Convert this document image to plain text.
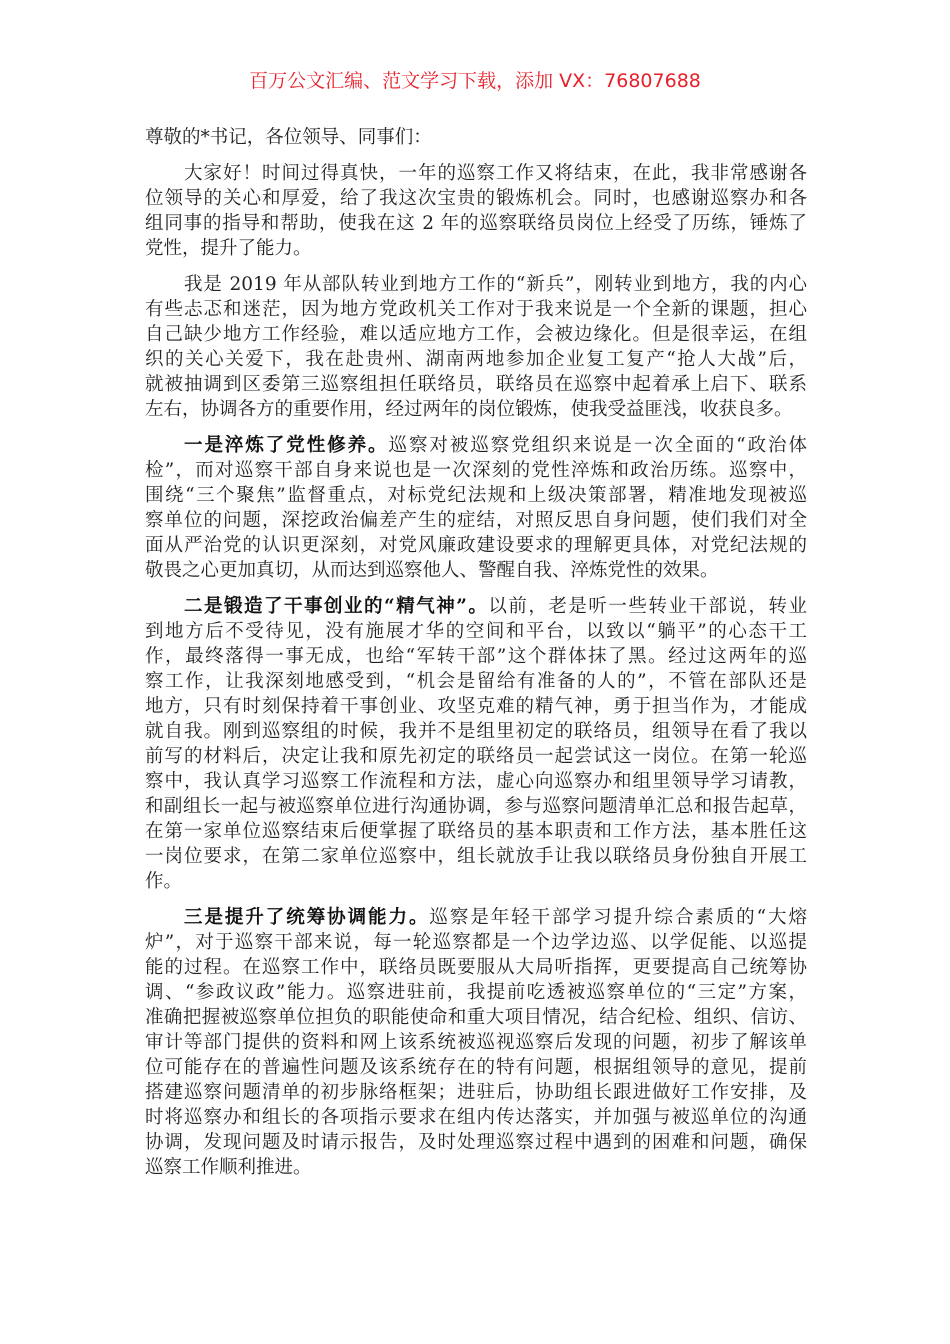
百万公文汇编、范文学习下载，添加 VX：76807688
尊敬的*书记，各位领导、同事们：
大家好！时间过得真快，一年的巡察工作又将结束，在此，我非常感谢各
位领导的关心和厚爱，给了我这次宝贵的锻炼机会。同时，也感谢巡察办和各
组同事的指导和帮助，使我在这 2 年的巡察联络员岗位上经受了历练，锤炼了
党性，提升了能力。
我是 2019 年从部队转业到地方工作的“新兵”，刚转业到地方，我的内心
有些忐忑和迷茫，因为地方党政机关工作对于我来说是一个全新的课题，担心
自己缺少地方工作经验，难以适应地方工作，会被边缘化。但是很幸运，在组
织的关心关爱下，我在赴贵州、湖南两地参加企业复工复产“抢人大战”后，
就被抽调到区委第三巡察组担任联络员，联络员在巡察中起着承上启下、联系
左右，协调各方的重要作用，经过两年的岗位锻炼，使我受益匪浅，收获良多。
一是淬炼了党性修养。巡察对被巡察党组织来说是一次全面的“政治体
检”，而对巡察干部自身来说也是一次深刻的党性淬炼和政治历练。巡察中，
围绕“三个聚焦”监督重点，对标党纪法规和上级决策部署，精准地发现被巡
察单位的问题，深挖政治偏差产生的症结，对照反思自身问题，使们我们对全
面从严治党的认识更深刻，对党风廉政建设要求的理解更具体，对党纪法规的
敬畏之心更加真切，从而达到巡察他人、警醒自我、淬炼党性的效果。
二是锻造了干事创业的“精气神”。以前，老是听一些转业干部说，转业
到地方后不受待见，没有施展才华的空间和平台，以致以“躺平”的心态干工
作，最终落得一事无成，也给“军转干部”这个群体抹了黑。经过这两年的巡
察工作，让我深刻地感受到，“机会是留给有准备的人的”，不管在部队还是
地方，只有时刻保持着干事创业、攻坚克难的精气神，勇于担当作为，才能成
就自我。刚到巡察组的时候，我并不是组里初定的联络员，组领导在看了我以
前写的材料后，决定让我和原先初定的联络员一起尝试这一岗位。在第一轮巡
察中，我认真学习巡察工作流程和方法，虚心向巡察办和组里领导学习请教，
和副组长一起与被巡察单位进行沟通协调，参与巡察问题清单汇总和报告起草，
在第一家单位巡察结束后便掌握了联络员的基本职责和工作方法，基本胜任这
一岗位要求，在第二家单位巡察中，组长就放手让我以联络员身份独自开展工
作。
三是提升了统筹协调能力。巡察是年轻干部学习提升综合素质的“大熔
炉”，对于巡察干部来说，每一轮巡察都是一个边学边巡、以学促能、以巡提
能的过程。在巡察工作中，联络员既要服从大局听指挥，更要提高自己统筹协
调、“参政议政”能力。巡察进驻前，我提前吃透被巡察单位的“三定”方案，
准确把握被巡察单位担负的职能使命和重大项目情况，结合纪检、组织、信访、
审计等部门提供的资料和网上该系统被巡视巡察后发现的问题，初步了解该单
位可能存在的普遍性问题及该系统存在的特有问题，根据组领导的意见，提前
搭建巡察问题清单的初步脉络框架；进驻后，协助组长跟进做好工作安排，及
时将巡察办和组长的各项指示要求在组内传达落实，并加强与被巡单位的沟通
协调，发现问题及时请示报告，及时处理巡察过程中遇到的困难和问题，确保
巡察工作顺利推进。
